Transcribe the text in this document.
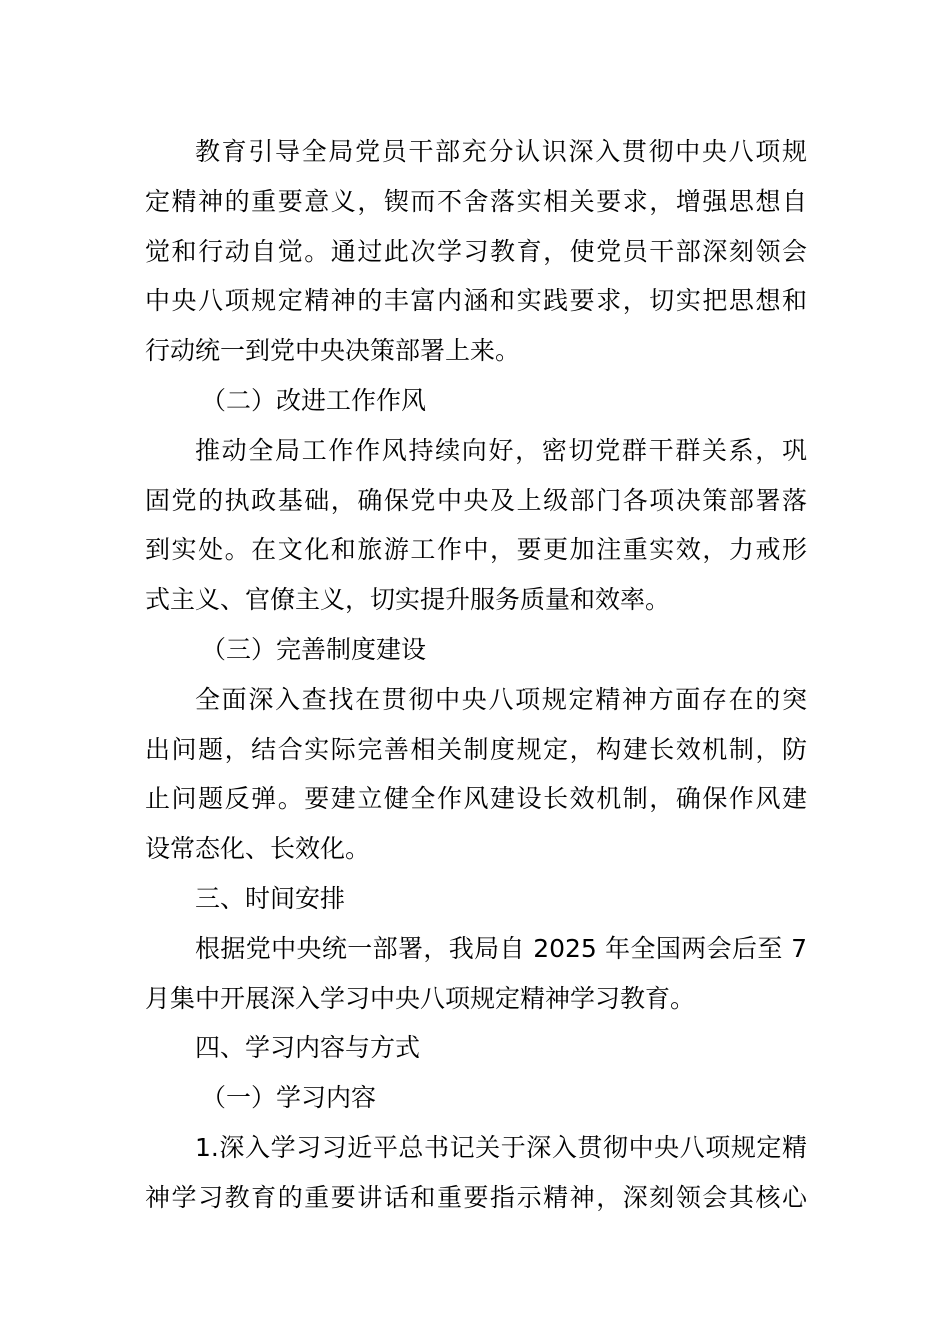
教育引导全局党员干部充分认识深入贯彻中央八项规
定精神的重要意义，锲而不舍落实相关要求，增强思想自
觉和行动自觉。通过此次学习教育，使党员干部深刻领会
中央八项规定精神的丰富内涵和实践要求，切实把思想和
行动统一到党中央决策部署上来。
（二）改进工作作风
推动全局工作作风持续向好，密切党群干群关系，巩
固党的执政基础，确保党中央及上级部门各项决策部署落
到实处。在文化和旅游工作中，要更加注重实效，力戒形
式主义、官僚主义，切实提升服务质量和效率。
（三）完善制度建设
全面深入查找在贯彻中央八项规定精神方面存在的突
出问题，结合实际完善相关制度规定，构建长效机制，防
止问题反弹。要建立健全作风建设长效机制，确保作风建
设常态化、长效化。
三、时间安排
根据党中央统一部署，我局自 2025 年全国两会后至 7
月集中开展深入学习中央八项规定精神学习教育。
四、学习内容与方式
（一）学习内容
1.深入学习习近平总书记关于深入贯彻中央八项规定精
神学习教育的重要讲话和重要指示精神，深刻领会其核心
